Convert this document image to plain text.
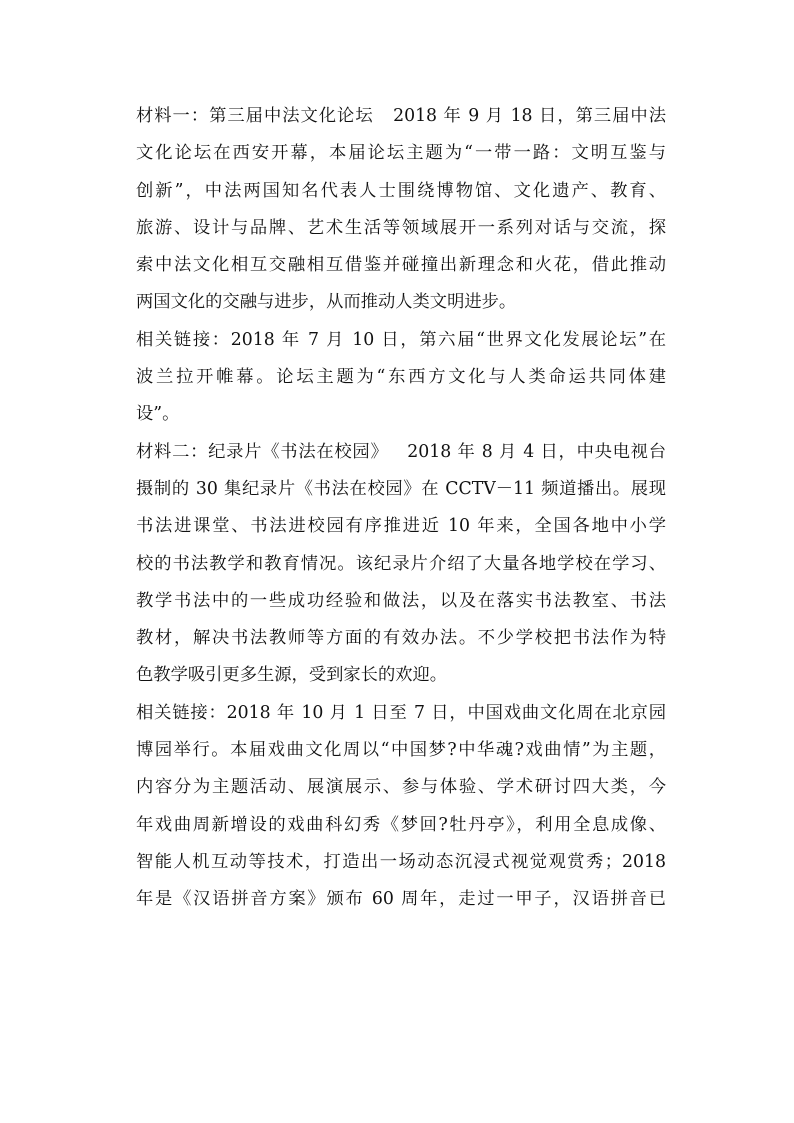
材料一：第三届中法文化论坛   2018 年 9 月 18 日，第三届中法
文化论坛在西安开幕，本届论坛主题为“一带一路：文明互鉴与
创新”，中法两国知名代表人士围绕博物馆、文化遗产、教育、
旅游、设计与品牌、艺术生活等领域展开一系列对话与交流，探
索中法文化相互交融相互借鉴并碰撞出新理念和火花，借此推动
两国文化的交融与进步，从而推动人类文明进步。
相关链接：2018 年 7 月 10 日，第六届“世界文化发展论坛”在
波兰拉开帷幕。论坛主题为“东西方文化与人类命运共同体建
设”。
材料二：纪录片《书法在校园》   2018 年 8 月 4 日，中央电视台
摄制的 30 集纪录片《书法在校园》在 CCTV－11 频道播出。展现
书法进课堂、书法进校园有序推进近 10 年来，全国各地中小学
校的书法教学和教育情况。该纪录片介绍了大量各地学校在学习、
教学书法中的一些成功经验和做法，以及在落实书法教室、书法
教材，解决书法教师等方面的有效办法。不少学校把书法作为特
色教学吸引更多生源，受到家长的欢迎。
相关链接：2018 年 10 月 1 日至 7 日，中国戏曲文化周在北京园
博园举行。本届戏曲文化周以“中国梦?中华魂?戏曲情”为主题，
内容分为主题活动、展演展示、参与体验、学术研讨四大类，今
年戏曲周新增设的戏曲科幻秀《梦回?牡丹亭》，利用全息成像、
智能人机互动等技术，打造出一场动态沉浸式视觉观赏秀；2018
年是《汉语拼音方案》颁布 60 周年，走过一甲子，汉语拼音已
